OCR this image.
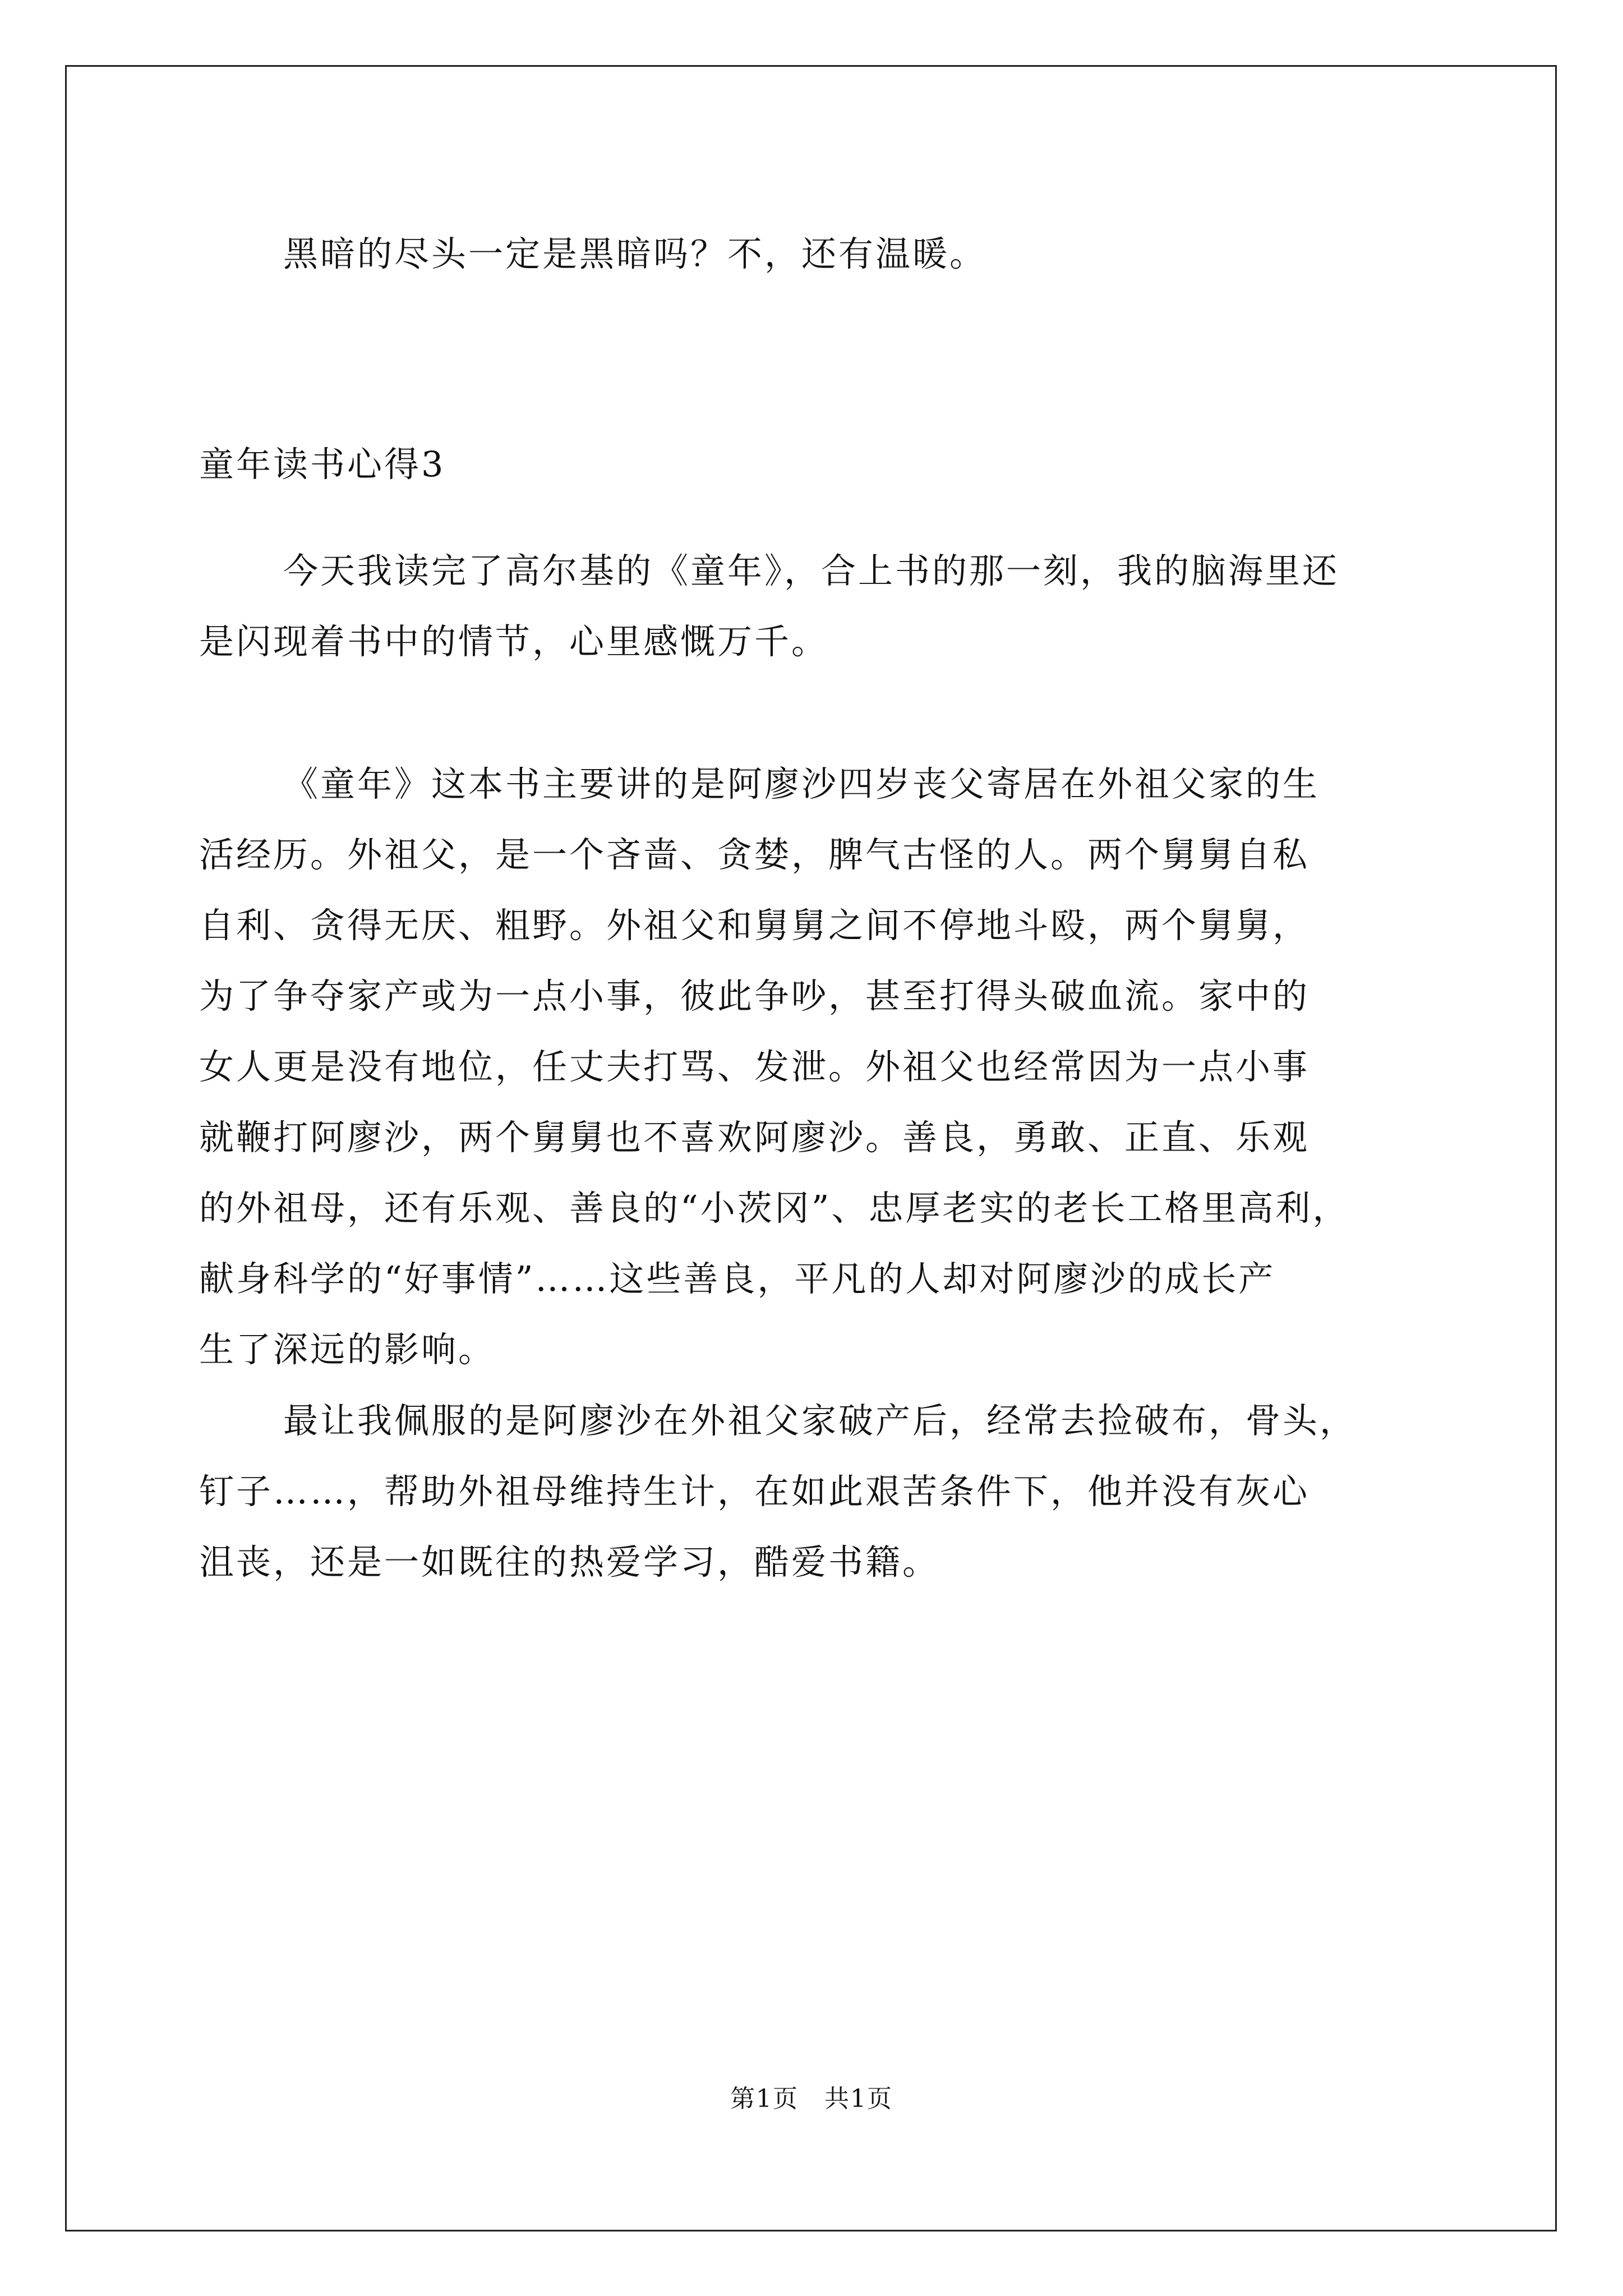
黑暗的尽头一定是黑暗吗？不，还有温暖。
童年读书心得3
今天我读完了高尔基的《童年》，合上书的那一刻，我的脑海里还
是闪现着书中的情节，心里感慨万千。
《童年》这本书主要讲的是阿廖沙四岁丧父寄居在外祖父家的生
活经历。外祖父，是一个吝啬、贪婪，脾气古怪的人。两个舅舅自私
自利、贪得无厌、粗野。外祖父和舅舅之间不停地斗殴，两个舅舅，
为了争夺家产或为一点小事，彼此争吵，甚至打得头破血流。家中的
女人更是没有地位，任丈夫打骂、发泄。外祖父也经常因为一点小事
就鞭打阿廖沙，两个舅舅也不喜欢阿廖沙。善良，勇敢、正直、乐观
的外祖母，还有乐观、善良的“小茨冈”、忠厚老实的老长工格里高利，
献身科学的“好事情”……这些善良，平凡的人却对阿廖沙的成长产
生了深远的影响。
最让我佩服的是阿廖沙在外祖父家破产后，经常去捡破布，骨头，
钉子……，帮助外祖母维持生计，在如此艰苦条件下，他并没有灰心
沮丧，还是一如既往的热爱学习，酷爱书籍。
第1页　共1页
